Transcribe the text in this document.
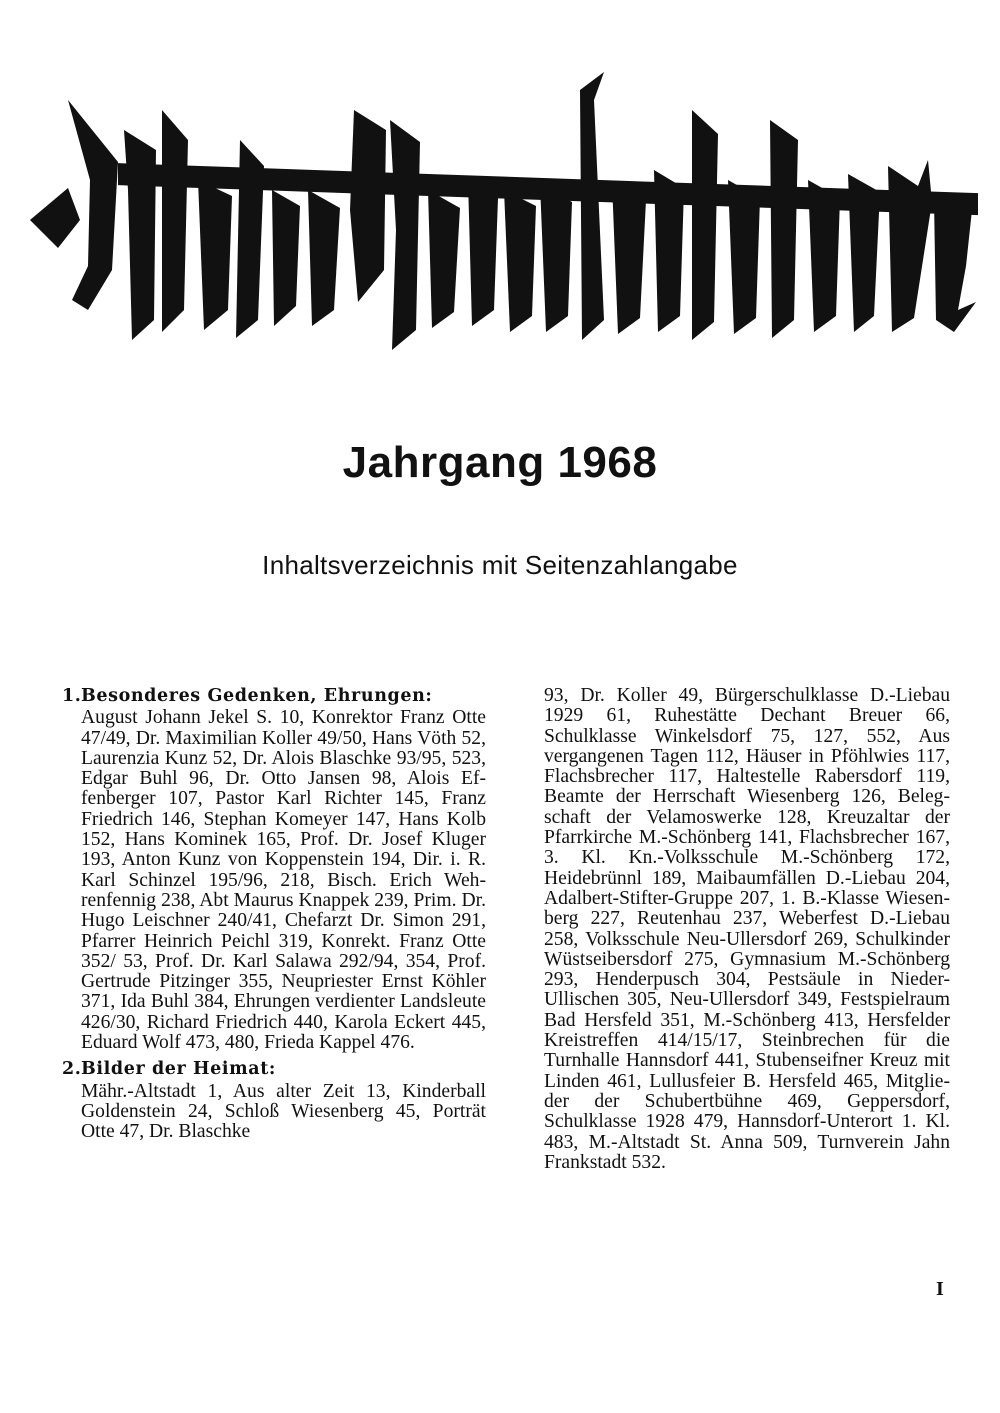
Jahrgang 1968
Inhaltsverzeichnis mit Seitenzahlangabe
1. Besonderes Gedenken, Ehrungen:
August Johann Jekel S. 10, Konrektor Franz Otte 47/49, Dr. Maximilian Koller 49/50, Hans Vöth 52, Laurenzia Kunz 52, Dr. Alois Blaschke 93/95, 523, Edgar Buhl 96, Dr. Otto Jansen 98, Alois Effenberger 107, Pastor Karl Richter 145, Franz Friedrich 146, Stephan Komeyer 147, Hans Kolb 152, Hans Kominek 165, Prof. Dr. Josef Kluger 193, Anton Kunz von Koppenstein 194, Dir. i. R. Karl Schinzel 195/96, 218, Bisch. Erich Wehrenfennig 238, Abt Maurus Knappek 239, Prim. Dr. Hugo Leischner 240/41, Chefarzt Dr. Simon 291, Pfarrer Heinrich Peichl 319, Konrekt. Franz Otte 352/ 53, Prof. Dr. Karl Salawa 292/94, 354, Prof. Gertrude Pitzinger 355, Neupriester Ernst Köhler 371, Ida Buhl 384, Ehrungen verdienter Landsleute 426/30, Richard Friedrich 440, Karola Eckert 445, Eduard Wolf 473, 480, Frieda Kappel 476.
2. Bilder der Heimat:
Mähr.-Altstadt 1, Aus alter Zeit 13, Kinderball Goldenstein 24, Schloß Wiesenberg 45, Porträt Otte 47, Dr. Blaschke
93, Dr. Koller 49, Bürgerschulklasse D.-Liebau 1929 61, Ruhestätte Dechant Breuer 66, Schulklasse Winkelsdorf 75, 127, 552, Aus vergangenen Tagen 112, Häuser in Pföhlwies 117, Flachsbrecher 117, Haltestelle Rabersdorf 119, Beamte der Herrschaft Wiesenberg 126, Belegschaft der Velamoswerke 128, Kreuzaltar der Pfarrkirche M.-Schönberg 141, Flachsbrecher 167, 3. Kl. Kn.-Volksschule M.-Schönberg 172, Heidebrünnl 189, Maibaumfällen D.-Liebau 204, Adalbert-Stifter-Gruppe 207, 1. B.-Klasse Wiesenberg 227, Reutenhau 237, Weberfest D.-Liebau 258, Volksschule Neu-Ullersdorf 269, Schulkinder Wüstseibersdorf 275, Gymnasium M.-Schönberg 293, Henderpusch 304, Pestsäule in Nieder-Ullischen 305, Neu-Ullersdorf 349, Festspielraum Bad Hersfeld 351, M.-Schönberg 413, Hersfelder Kreistreffen 414/15/17, Steinbrechen für die Turnhalle Hannsdorf 441, Stubenseifner Kreuz mit Linden 461, Lullusfeier B. Hersfeld 465, Mitglieder der Schubertbühne 469, Geppersdorf, Schulklasse 1928 479, Hannsdorf-Unterort 1. Kl. 483, M.-Altstadt St. Anna 509, Turnverein Jahn Frankstadt 532.
I
